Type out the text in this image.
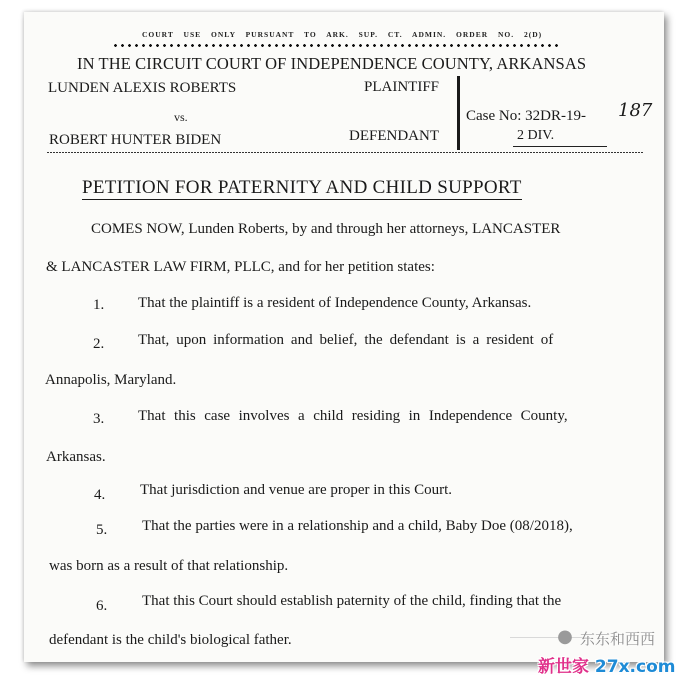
COURT USE ONLY PURSUANT TO ARK. SUP. CT. ADMIN. ORDER NO. 2(D)
IN THE CIRCUIT COURT OF INDEPENDENCE COUNTY, ARKANSAS
LUNDEN ALEXIS ROBERTS	PLAINTIFF
vs.
ROBERT HUNTER BIDEN	DEFENDANT
Case No: 32DR-19- 187
2 DIV.
PETITION FOR PATERNITY AND CHILD SUPPORT
COMES NOW, Lunden Roberts, by and through her attorneys, LANCASTER
& LANCASTER LAW FIRM, PLLC, and for her petition states:
1. That the plaintiff is a resident of Independence County, Arkansas.
2. That, upon information and belief, the defendant is a resident of
Annapolis, Maryland.
3. That this case involves a child residing in Independence County,
Arkansas.
4. That jurisdiction and venue are proper in this Court.
5. That the parties were in a relationship and a child, Baby Doe (08/2018),
was born as a result of that relationship.
6. That this Court should establish paternity of the child, finding that the
defendant is the child's biological father.	● 东东和西西
新世家 27x.com
